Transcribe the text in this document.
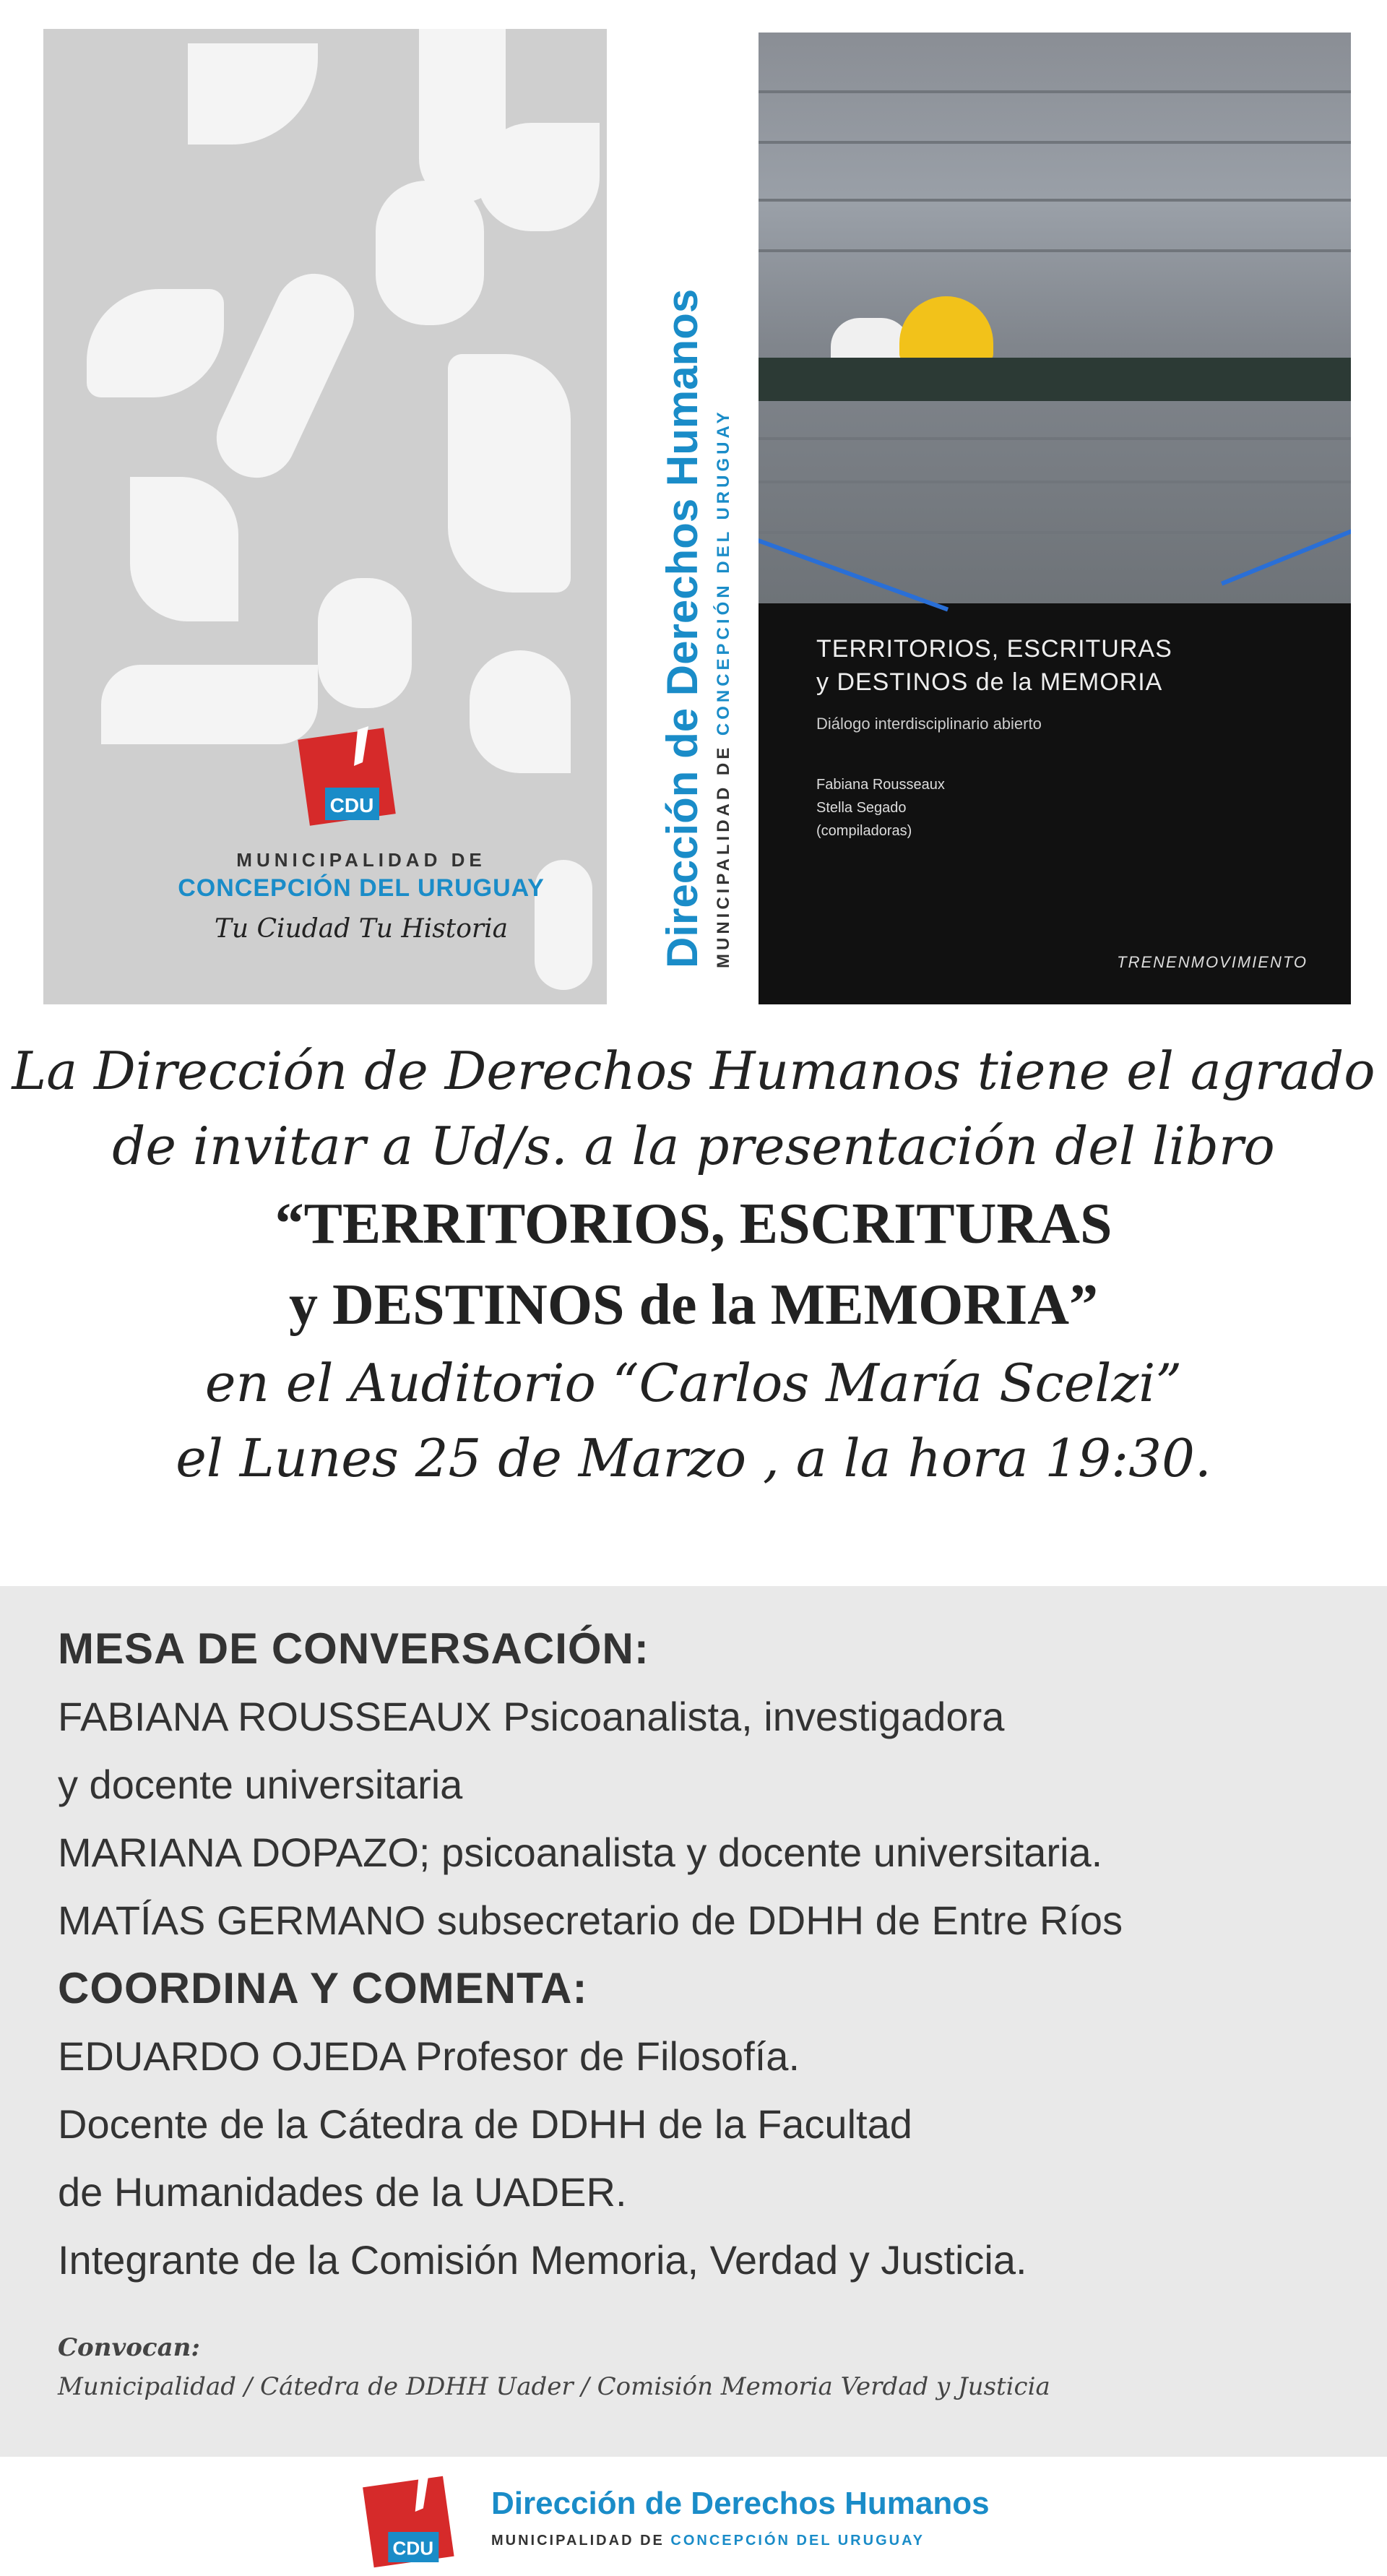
CDU
MUNICIPALIDAD DE
CONCEPCIÓN DEL URUGUAY
Tu Ciudad Tu Historia	Dirección de Derechos Humanos MUNICIPALIDAD DE CONCEPCIÓN DEL URUGUAY	TERRITORIOS, ESCRITURAS
y DESTINOS de la MEMORIA
Diálogo interdisciplinario abierto
Fabiana Rousseaux
Stella Segado
(compiladoras)
TRENENMOVIMIENTO
La Dirección de Derechos Humanos tiene el agrado
de invitar a Ud/s. a la presentación del libro
“TERRITORIOS, ESCRITURAS
y DESTINOS de la MEMORIA”
en el Auditorio “Carlos María Scelzi”
el Lunes 25 de Marzo , a la hora 19:30.
MESA DE CONVERSACIÓN:
FABIANA ROUSSEAUX Psicoanalista, investigadora
y docente universitaria
MARIANA DOPAZO; psicoanalista y docente universitaria.
MATÍAS GERMANO subsecretario de DDHH de Entre Ríos
COORDINA Y COMENTA:
EDUARDO OJEDA Profesor de Filosofía.
Docente de la Cátedra de DDHH de la Facultad
de Humanidades de la UADER.
Integrante de la Comisión Memoria, Verdad y Justicia.
Convocan:
Municipalidad / Cátedra de DDHH Uader / Comisión Memoria Verdad y Justicia
CDU
Dirección de Derechos Humanos
MUNICIPALIDAD DE CONCEPCIÓN DEL URUGUAY
